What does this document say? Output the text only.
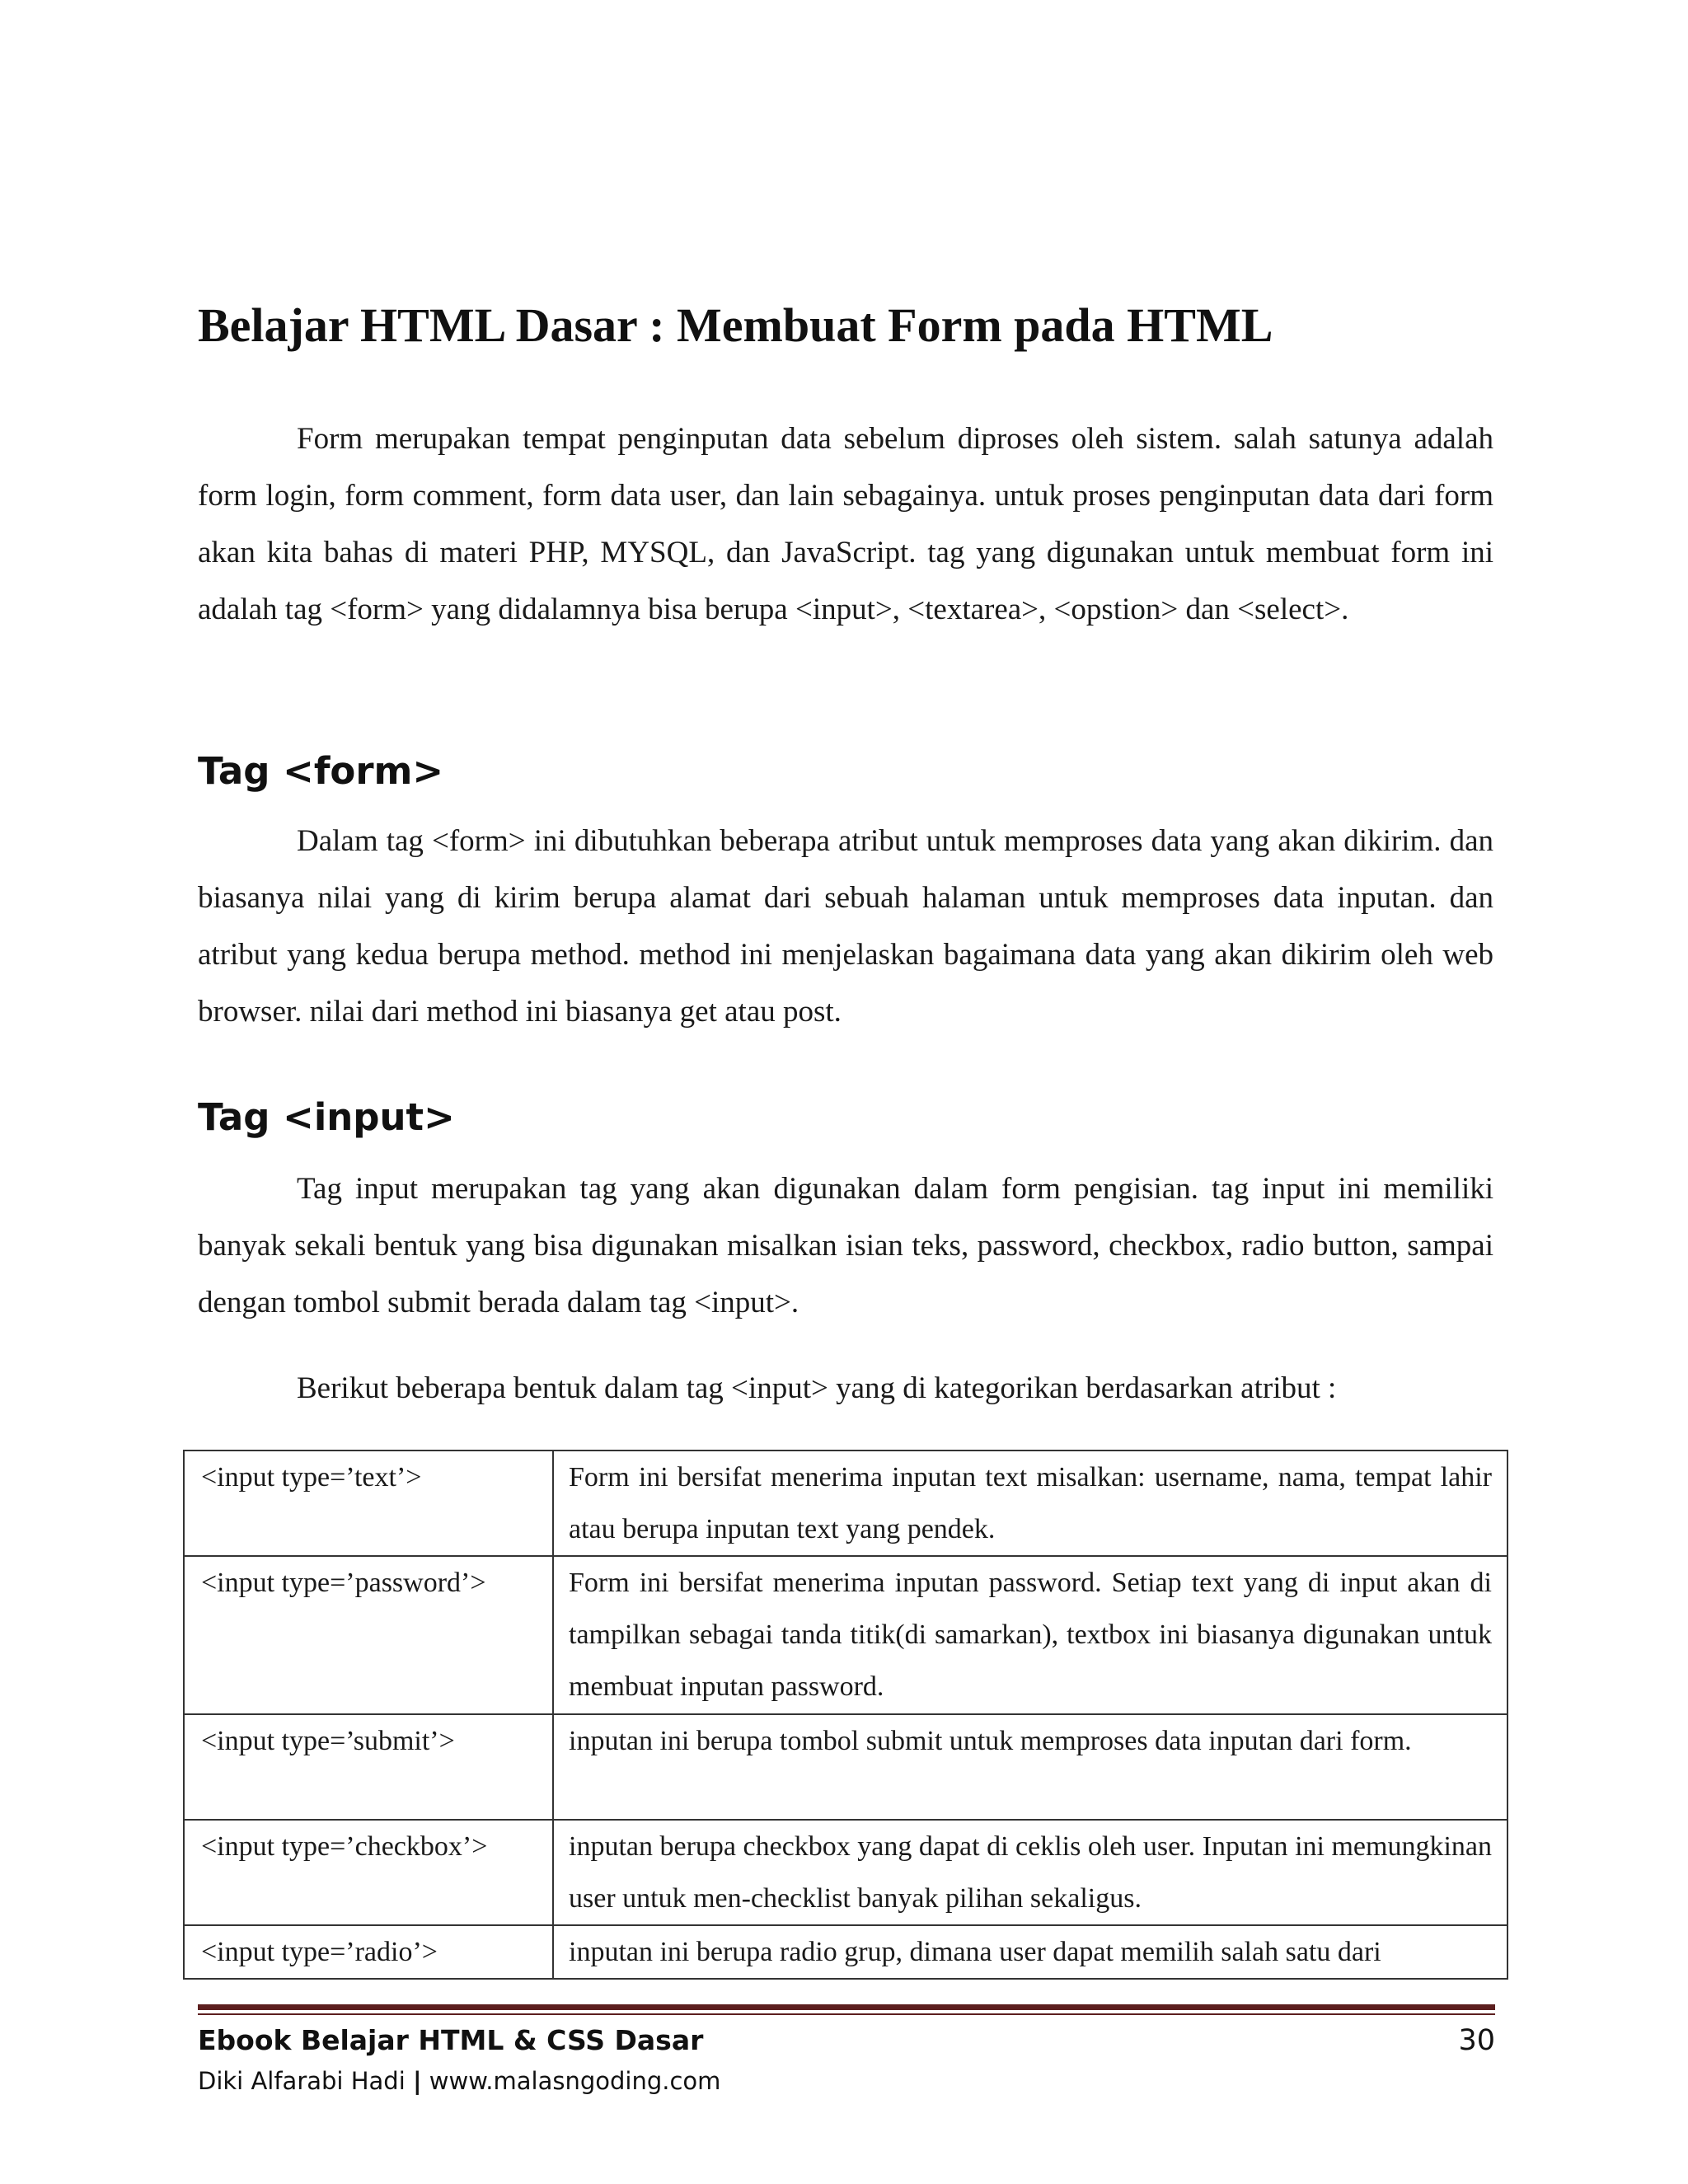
Belajar HTML Dasar : Membuat Form pada HTML

Form merupakan tempat penginputan data sebelum diproses oleh sistem. salah satunya adalah form login, form comment, form data user, dan lain sebagainya. untuk proses penginputan data dari form akan kita bahas di materi PHP, MYSQL, dan JavaScript. tag yang digunakan untuk membuat form ini adalah tag <form> yang didalamnya bisa berupa <input>, <textarea>, <opstion> dan <select>.

Tag <form>

Dalam tag <form> ini dibutuhkan beberapa atribut untuk memproses data yang akan dikirim. dan biasanya nilai yang di kirim berupa alamat dari sebuah halaman untuk memproses data inputan. dan atribut yang kedua berupa method. method ini menjelaskan bagaimana data yang akan dikirim oleh web browser. nilai dari method ini biasanya get atau post.

Tag <input>

Tag input merupakan tag yang akan digunakan dalam form pengisian. tag input ini memiliki banyak sekali bentuk yang bisa digunakan misalkan isian teks, password, checkbox, radio button, sampai dengan tombol submit berada dalam tag <input>.

Berikut beberapa bentuk dalam tag <input> yang di kategorikan berdasarkan atribut :

<input type=’text’>	Form ini bersifat menerima inputan text misalkan: username, nama, tempat lahir atau berupa inputan text yang pendek.
<input type=’password’>	Form ini bersifat menerima inputan password. Setiap text yang di input akan di tampilkan sebagai tanda titik(di samarkan), textbox ini biasanya digunakan untuk membuat inputan password.
<input type=’submit’>	inputan ini berupa tombol submit untuk memproses data inputan dari form.
<input type=’checkbox’>	inputan berupa checkbox yang dapat di ceklis oleh user. Inputan ini memungkinan user untuk men-checklist banyak pilihan sekaligus.
<input type=’radio’>	inputan ini berupa radio grup, dimana user dapat memilih salah satu dari

Ebook Belajar HTML & CSS Dasar	30

Diki Alfarabi Hadi | www.malasngoding.com
